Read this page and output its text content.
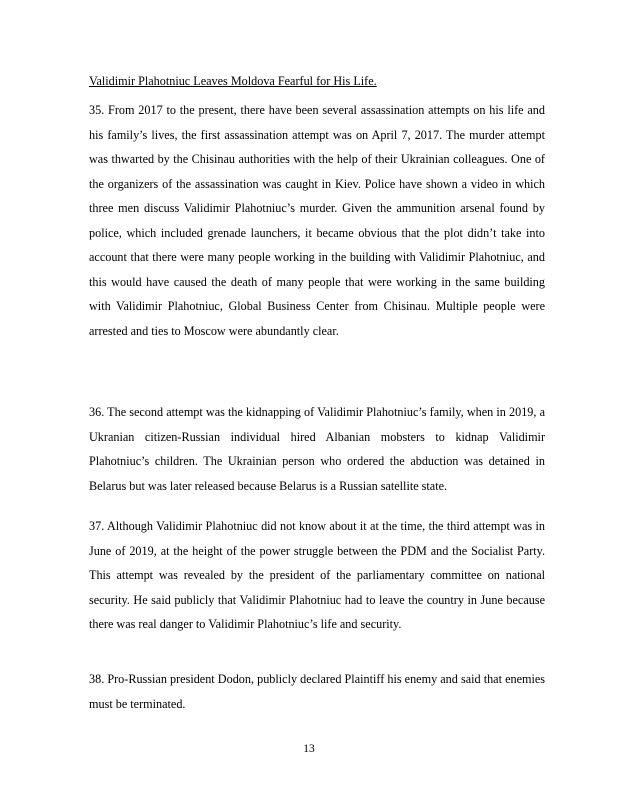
Validimir Plahotniuc Leaves Moldova Fearful for His Life.

35. From 2017 to the present, there have been several assassination attempts on his life and his family’s lives, the first assassination attempt was on April 7, 2017. The murder attempt was thwarted by the Chisinau authorities with the help of their Ukrainian colleagues. One of the organizers of the assassination was caught in Kiev. Police have shown a video in which three men discuss Validimir Plahotniuc’s murder. Given the ammunition arsenal found by police, which included grenade launchers, it became obvious that the plot didn’t take into account that there were many people working in the building with Validimir Plahotniuc, and this would have caused the death of many people that were working in the same building with Validimir Plahotniuc, Global Business Center from Chisinau. Multiple people were arrested and ties to Moscow were abundantly clear.

36. The second attempt was the kidnapping of Validimir Plahotniuc’s family, when in 2019, a Ukranian citizen-Russian individual hired Albanian mobsters to kidnap Validimir Plahotniuc’s children. The Ukrainian person who ordered the abduction was detained in Belarus but was later released because Belarus is a Russian satellite state.

37. Although Validimir Plahotniuc did not know about it at the time, the third attempt was in June of 2019, at the height of the power struggle between the PDM and the Socialist Party. This attempt was revealed by the president of the parliamentary committee on national security. He said publicly that Validimir Plahotniuc had to leave the country in June because there was real danger to Validimir Plahotniuc’s life and security.

38. Pro-Russian president Dodon, publicly declared Plaintiff his enemy and said that enemies must be terminated.

13
